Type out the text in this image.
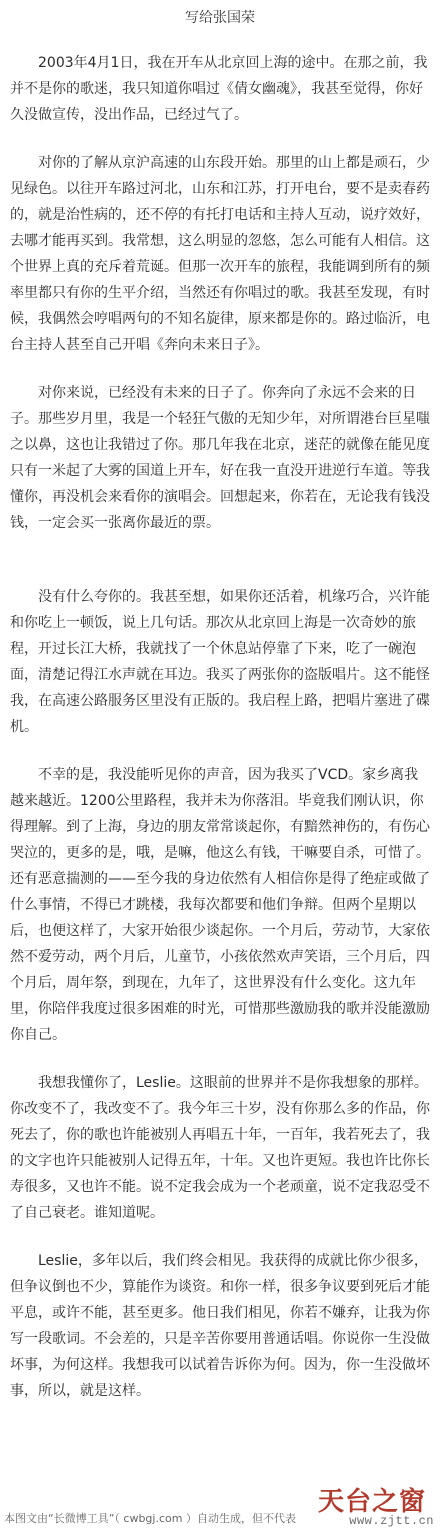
写给张国荣

2003年4月1日，我在开车从北京回上海的途中。在那之前，我并不是你的歌迷，我只知道你唱过《倩女幽魂》，我甚至觉得，你好久没做宣传，没出作品，已经过气了。

对你的了解从京沪高速的山东段开始。那里的山上都是顽石，少见绿色。以往开车路过河北，山东和江苏，打开电台，要不是卖春药的，就是治性病的，还不停的有托打电话和主持人互动，说疗效好，去哪才能再买到。我常想，这么明显的忽悠，怎么可能有人相信。这个世界上真的充斥着荒诞。但那一次开车的旅程，我能调到所有的频率里都只有你的生平介绍，当然还有你唱过的歌。我甚至发现，有时候，我偶然会哼唱两句的不知名旋律，原来都是你的。路过临沂，电台主持人甚至自己开唱《奔向未来日子》。

对你来说，已经没有未来的日子了。你奔向了永远不会来的日子。那些岁月里，我是一个轻狂气傲的无知少年，对所谓港台巨星嗤之以鼻，这也让我错过了你。那几年我在北京，迷茫的就像在能见度只有一米起了大雾的国道上开车，好在我一直没开进逆行车道。等我懂你，再没机会来看你的演唱会。回想起来，你若在，无论我有钱没钱，一定会买一张离你最近的票。

没有什么夸你的。我甚至想，如果你还活着，机缘巧合，兴许能和你吃上一顿饭，说上几句话。那次从北京回上海是一次奇妙的旅程，开过长江大桥，我就找了一个休息站停靠了下来，吃了一碗泡面，清楚记得江水声就在耳边。我买了两张你的盗版唱片。这不能怪我，在高速公路服务区里没有正版的。我启程上路，把唱片塞进了碟机。

不幸的是，我没能听见你的声音，因为我买了VCD。家乡离我越来越近。1200公里路程，我并未为你落泪。毕竟我们刚认识，你得理解。到了上海，身边的朋友常常谈起你，有黯然神伤的，有伤心哭泣的，更多的是，哦，是嘛，他这么有钱，干嘛要自杀，可惜了。还有恶意揣测的——至今我的身边依然有人相信你是得了绝症或做了什么事情，不得已才跳楼，我每次都要和他们争辩。但两个星期以后，也便这样了，大家开始很少谈起你。一个月后，劳动节，大家依然不爱劳动，两个月后，儿童节，小孩依然欢声笑语，三个月后，四个月后，周年祭，到现在，九年了，这世界没有什么变化。这九年里，你陪伴我度过很多困难的时光，可惜那些激励我的歌并没能激励你自己。

我想我懂你了，Leslie。这眼前的世界并不是你我想象的那样。你改变不了，我改变不了。我今年三十岁，没有你那么多的作品，你死去了，你的歌也许能被别人再唱五十年，一百年，我若死去了，我的文字也许只能被别人记得五年，十年。又也许更短。我也许比你长寿很多，又也许不能。说不定我会成为一个老顽童，说不定我忍受不了自己衰老。谁知道呢。

Leslie，多年以后，我们终会相见。我获得的成就比你少很多，但争议倒也不少，算能作为谈资。和你一样，很多争议要到死后才能平息，或许不能，甚至更多。他日我们相见，你若不嫌弃，让我为你写一段歌词。不会差的，只是辛苦你要用普通话唱。你说你一生没做坏事，为何这样。我想我可以试着告诉你为何。因为，你一生没做坏事，所以，就是这样。

本图文由“长微博工具”（ cwbgj.com ）自动生成，但不代表
天台之窗
www.zjtt.cn
